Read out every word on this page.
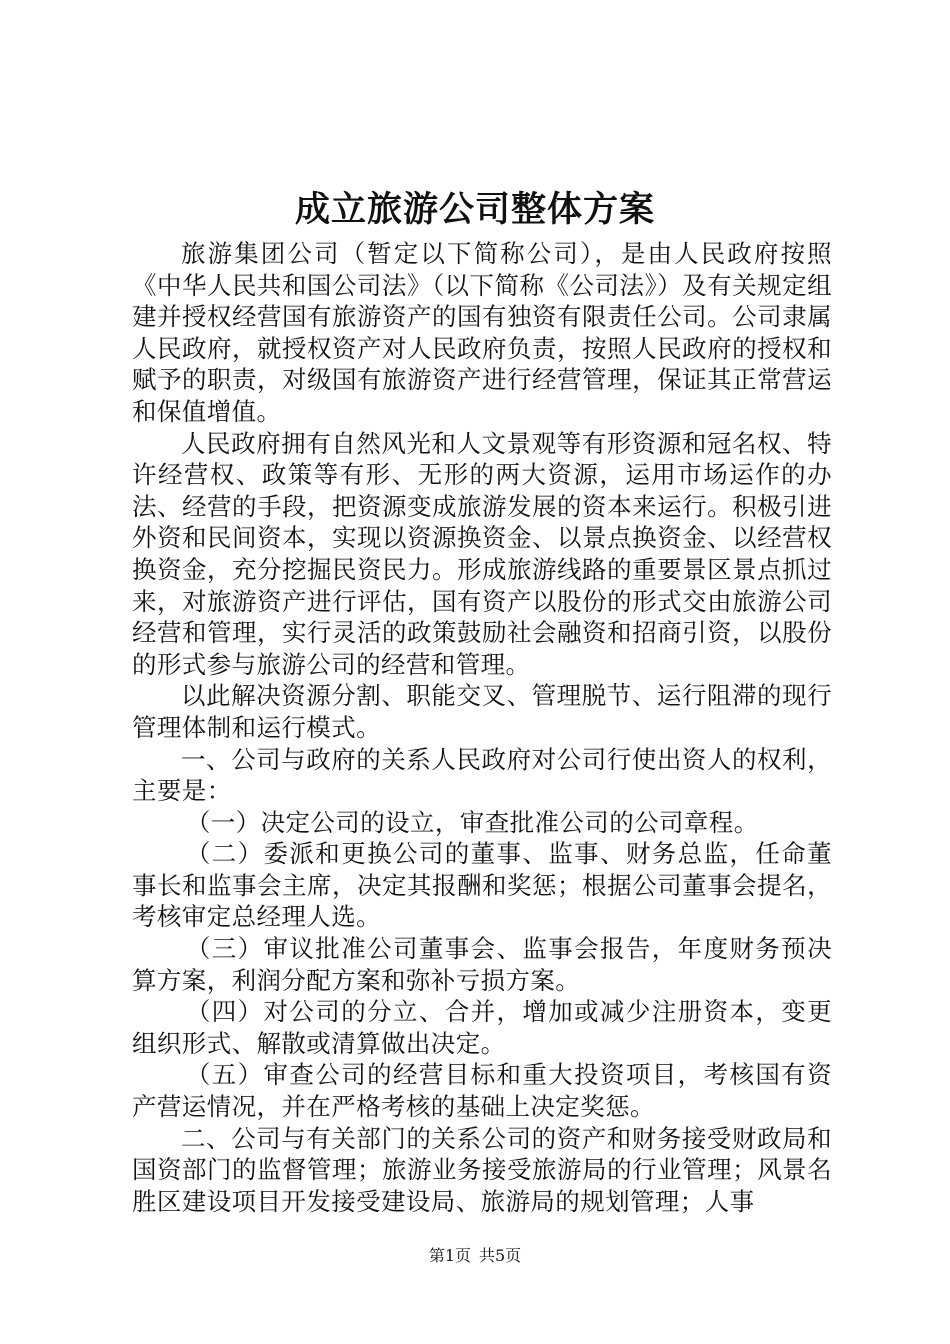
成立旅游公司整体方案

旅游集团公司（暂定以下简称公司），是由人民政府按照《中华人民共和国公司法》（以下简称《公司法》）及有关规定组建并授权经营国有旅游资产的国有独资有限责任公司。公司隶属人民政府，就授权资产对人民政府负责，按照人民政府的授权和赋予的职责，对级国有旅游资产进行经营管理，保证其正常营运和保值增值。

人民政府拥有自然风光和人文景观等有形资源和冠名权、特许经营权、政策等有形、无形的两大资源，运用市场运作的办法、经营的手段，把资源变成旅游发展的资本来运行。积极引进外资和民间资本，实现以资源换资金、以景点换资金、以经营权换资金，充分挖掘民资民力。形成旅游线路的重要景区景点抓过来，对旅游资产进行评估，国有资产以股份的形式交由旅游公司经营和管理，实行灵活的政策鼓励社会融资和招商引资，以股份的形式参与旅游公司的经营和管理。

以此解决资源分割、职能交叉、管理脱节、运行阻滞的现行管理体制和运行模式。

一、公司与政府的关系人民政府对公司行使出资人的权利，主要是：

（一）决定公司的设立，审查批准公司的公司章程。

（二）委派和更换公司的董事、监事、财务总监，任命董事长和监事会主席，决定其报酬和奖惩；根据公司董事会提名，考核审定总经理人选。

（三）审议批准公司董事会、监事会报告，年度财务预决算方案，利润分配方案和弥补亏损方案。

（四）对公司的分立、合并，增加或减少注册资本，变更组织形式、解散或清算做出决定。

（五）审查公司的经营目标和重大投资项目，考核国有资产营运情况，并在严格考核的基础上决定奖惩。

二、公司与有关部门的关系公司的资产和财务接受财政局和国资部门的监督管理；旅游业务接受旅游局的行业管理；风景名胜区建设项目开发接受建设局、旅游局的规划管理；人事

第1页 共5页
